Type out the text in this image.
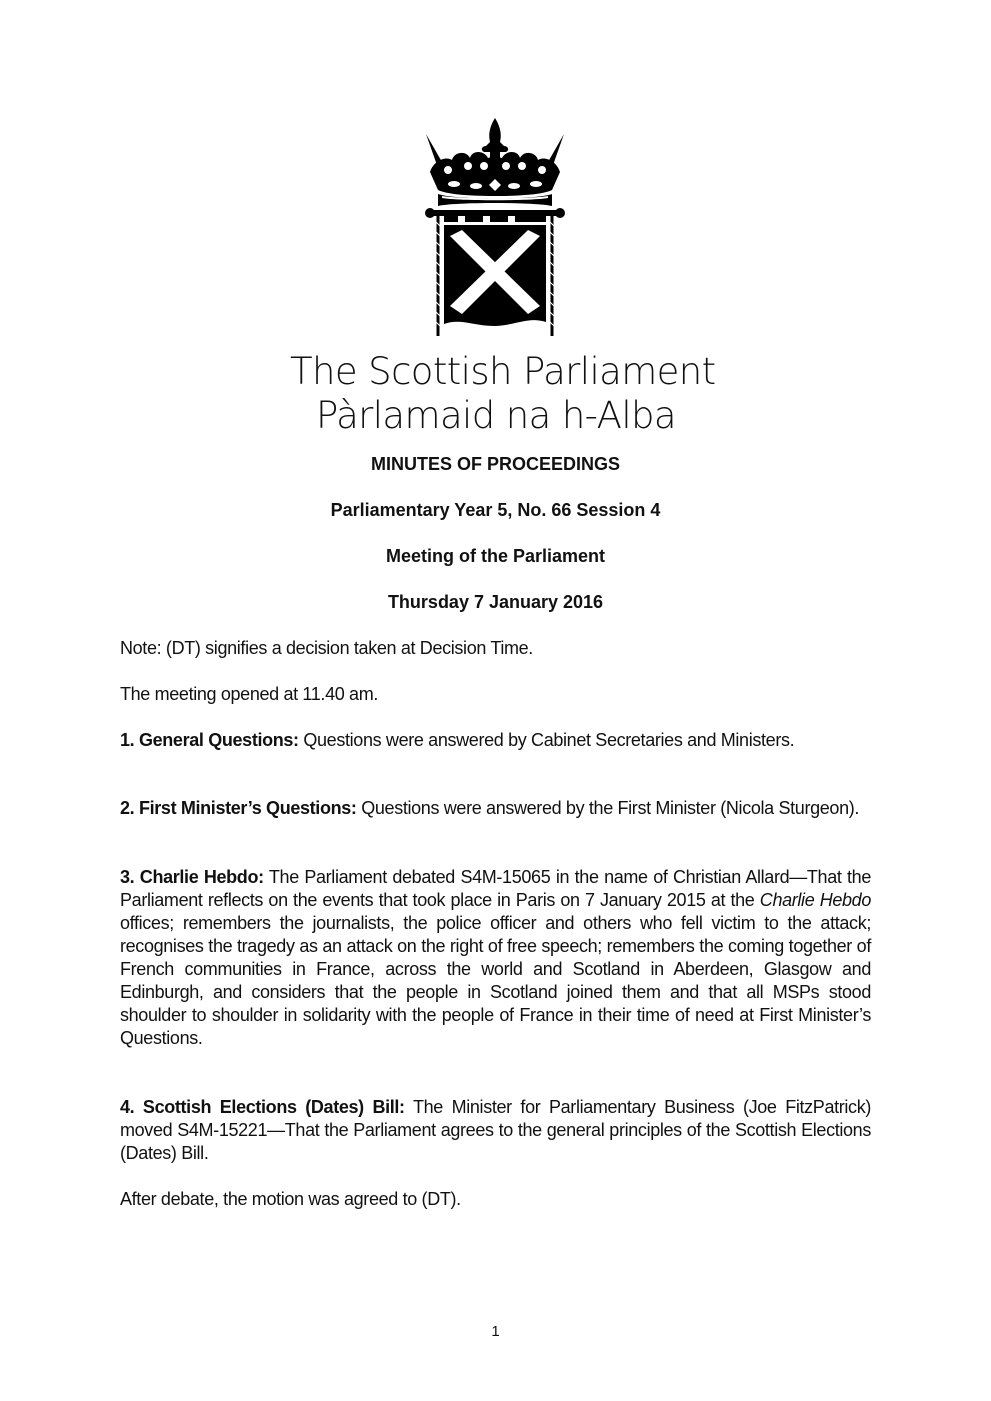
The Scottish Parliament
Pàrlamaid na h-Alba
MINUTES OF PROCEEDINGS
Parliamentary Year 5, No. 66 Session 4
Meeting of the Parliament
Thursday 7 January 2016
Note: (DT) signifies a decision taken at Decision Time.
The meeting opened at 11.40 am.
1. General Questions: Questions were answered by Cabinet Secretaries and Ministers.
2. First Minister’s Questions: Questions were answered by the First Minister (Nicola Sturgeon).
3. Charlie Hebdo: The Parliament debated S4M-15065 in the name of Christian Allard—That the Parliament reflects on the events that took place in Paris on 7 January 2015 at the Charlie Hebdo offices; remembers the journalists, the police officer and others who fell victim to the attack; recognises the tragedy as an attack on the right of free speech; remembers the coming together of French communities in France, across the world and Scotland in Aberdeen, Glasgow and Edinburgh, and considers that the people in Scotland joined them and that all MSPs stood shoulder to shoulder in solidarity with the people of France in their time of need at First Minister’s Questions.
4. Scottish Elections (Dates) Bill: The Minister for Parliamentary Business (Joe FitzPatrick) moved S4M-15221—That the Parliament agrees to the general principles of the Scottish Elections (Dates) Bill.
After debate, the motion was agreed to (DT).
1
